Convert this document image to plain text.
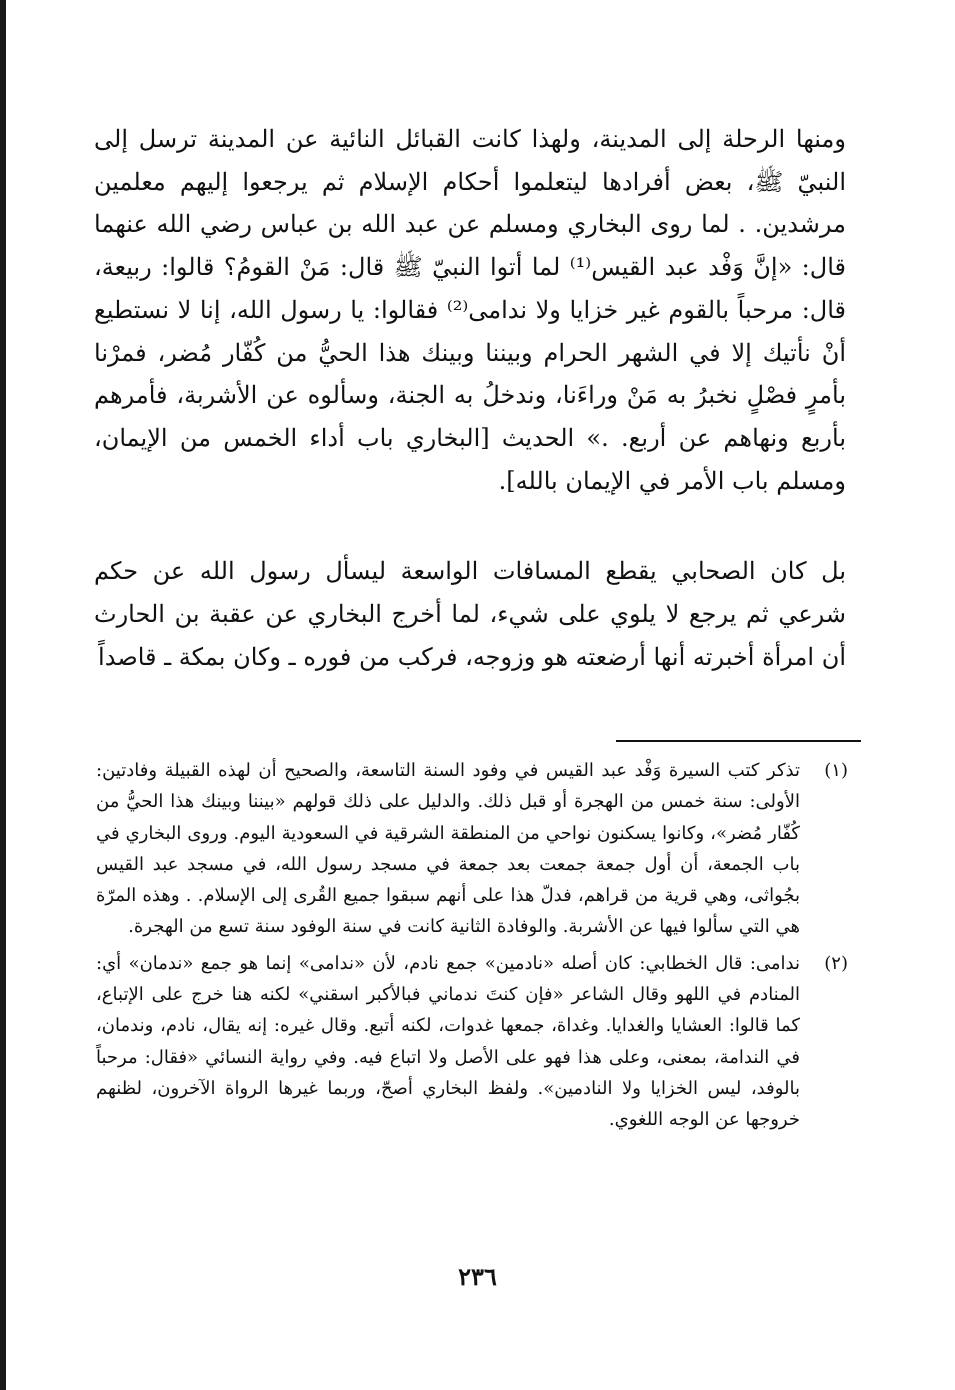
ومنها الرحلة إلى المدينة، ولهذا كانت القبائل النائية عن المدينة ترسل إلى النبيّ ﷺ، بعض أفرادها ليتعلموا أحكام الإسلام ثم يرجعوا إليهم معلمين مرشدين. . لما روى البخاري ومسلم عن عبد الله بن عباس رضي الله عنهما قال: «إنَّ وَفْد عبد القيس⁽¹⁾ لما أتوا النبيّ ﷺ قال: مَنْ القومُ؟ قالوا: ربيعة، قال: مرحباً بالقوم غير خزايا ولا ندامى⁽²⁾ فقالوا: يا رسول الله، إنا لا نستطيع أنْ نأتيك إلا في الشهر الحرام وبيننا وبينك هذا الحيُّ من كُفّار مُضر، فمرْنا بأمرٍ فصْلٍ نخبرُ به مَنْ وراءَنا، وندخلُ به الجنة، وسألوه عن الأشربة، فأمرهم بأربع ونهاهم عن أربع. .» الحديث [البخاري باب أداء الخمس من الإيمان، ومسلم باب الأمر في الإيمان بالله].

بل كان الصحابي يقطع المسافات الواسعة ليسأل رسول الله عن حكم شرعي ثم يرجع لا يلوي على شيء، لما أخرج البخاري عن عقبة بن الحارث أن امرأة أخبرته أنها أرضعته هو وزوجه، فركب من فوره ـ وكان بمكة ـ قاصداً

(١)

تذكر كتب السيرة وَفْد عبد القيس في وفود السنة التاسعة، والصحيح أن لهذه القبيلة وفادتين: الأولى: سنة خمس من الهجرة أو قبل ذلك. والدليل على ذلك قولهم «بيننا وبينك هذا الحيُّ من كُفّار مُضر»، وكانوا يسكنون نواحي من المنطقة الشرقية في السعودية اليوم. وروى البخاري في باب الجمعة، أن أول جمعة جمعت بعد جمعة في مسجد رسول الله، في مسجد عبد القيس بجُواثى، وهي قرية من قراهم، فدلّ هذا على أنهم سبقوا جميع القُرى إلى الإسلام. . وهذه المرّة هي التي سألوا فيها عن الأشربة. والوفادة الثانية كانت في سنة الوفود سنة تسع من الهجرة.

(٢)

ندامى: قال الخطابي: كان أصله «نادمين» جمع نادم، لأن «ندامى» إنما هو جمع «ندمان» أي: المنادم في اللهو وقال الشاعر «فإن كنتَ ندماني فبالأكبر اسقني» لكنه هنا خرج على الإتباع، كما قالوا: العشايا والغدايا. وغداة، جمعها غدوات، لكنه أتبع. وقال غيره: إنه يقال، نادم، وندمان، في الندامة، بمعنى، وعلى هذا فهو على الأصل ولا اتباع فيه. وفي رواية النسائي «فقال: مرحباً بالوفد، ليس الخزايا ولا النادمين». ولفظ البخاري أصحّ، وربما غيرها الرواة الآخرون، لظنهم خروجها عن الوجه اللغوي.

٢٣٦
